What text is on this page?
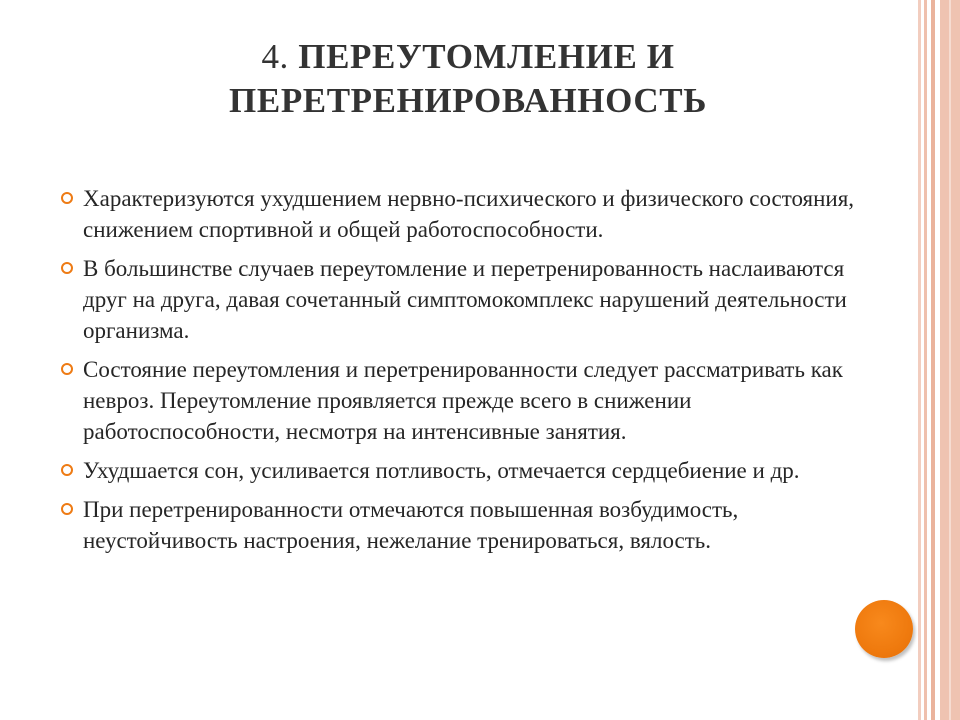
4. ПЕРЕУТОМЛЕНИЕ И
ПЕРЕТРЕНИРОВАННОСТЬ
Характеризуются ухудшением нервно-психического и физического состояния, снижением спортивной и общей работоспособности.
В большинстве случаев переутомление и перетренированность наслаиваются друг на друга, давая сочетанный симптомокомплекс нарушений деятельности организма.
Состояние переутомления и перетренированности следует рассматривать как невроз. Переутомление проявляется прежде всего в снижении работоспособности, несмотря на интенсивные занятия.
Ухудшается сон, усиливается потливость, отмечается сердцебиение и др.
При перетренированности отмечаются повышенная возбудимость, неустойчивость настроения, нежелание тренироваться, вялость.
